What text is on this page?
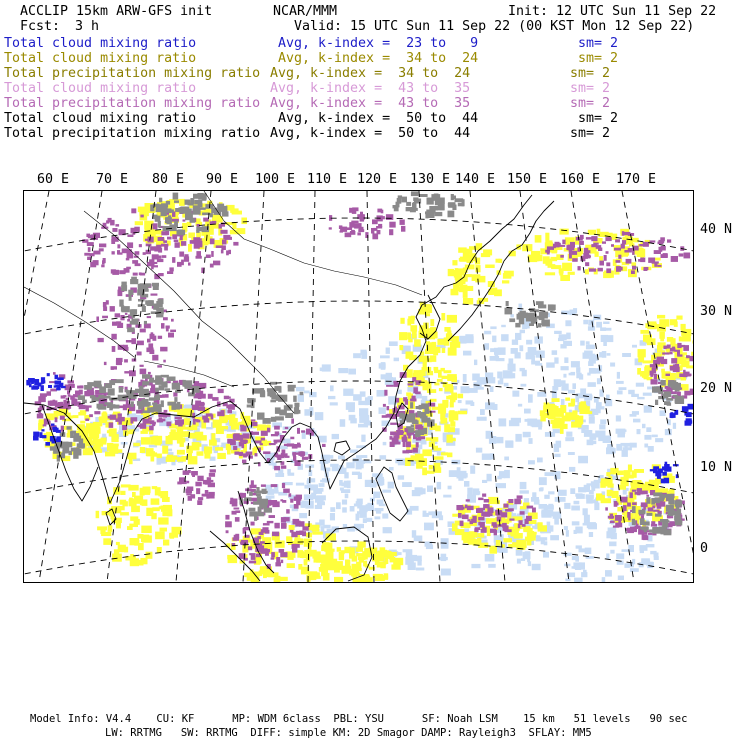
ACCLIP 15km ARW-GFS init	NCAR/MMM	Init: 12 UTC Sun 11 Sep 22
Fcst: 3 h	Valid: 15 UTC Sun 11 Sep 22 (00 KST Mon 12 Sep 22)
Total cloud mixing ratio	Avg, k-index =  23 to   9	sm= 2
Total cloud mixing ratio	Avg, k-index =  34 to  24	sm= 2
Total precipitation mixing ratio Avg, k-index =  34 to  24	sm= 2
Total cloud mixing ratio	Avg, k-index =  43 to  35	sm= 2
Total precipitation mixing ratio Avg, k-index =  43 to  35	sm= 2
Total cloud mixing ratio	Avg, k-index =  50 to  44	sm= 2
Total precipitation mixing ratio Avg, k-index =  50 to  44	sm= 2
60 E 70 E 80 E 90 E 100 E 110 E 120 E 130 E 140 E 150 E 160 E 170 E
40 N
30 N
20 N
10 N
0
Model Info: V4.4    CU: KF      MP: WDM 6class  PBL: YSU      SF: Noah LSM    15 km   51 levels   90 sec
LW: RRTMG   SW: RRTMG  DIFF: simple KM: 2D Smagor DAMP: Rayleigh3  SFLAY: MM5
